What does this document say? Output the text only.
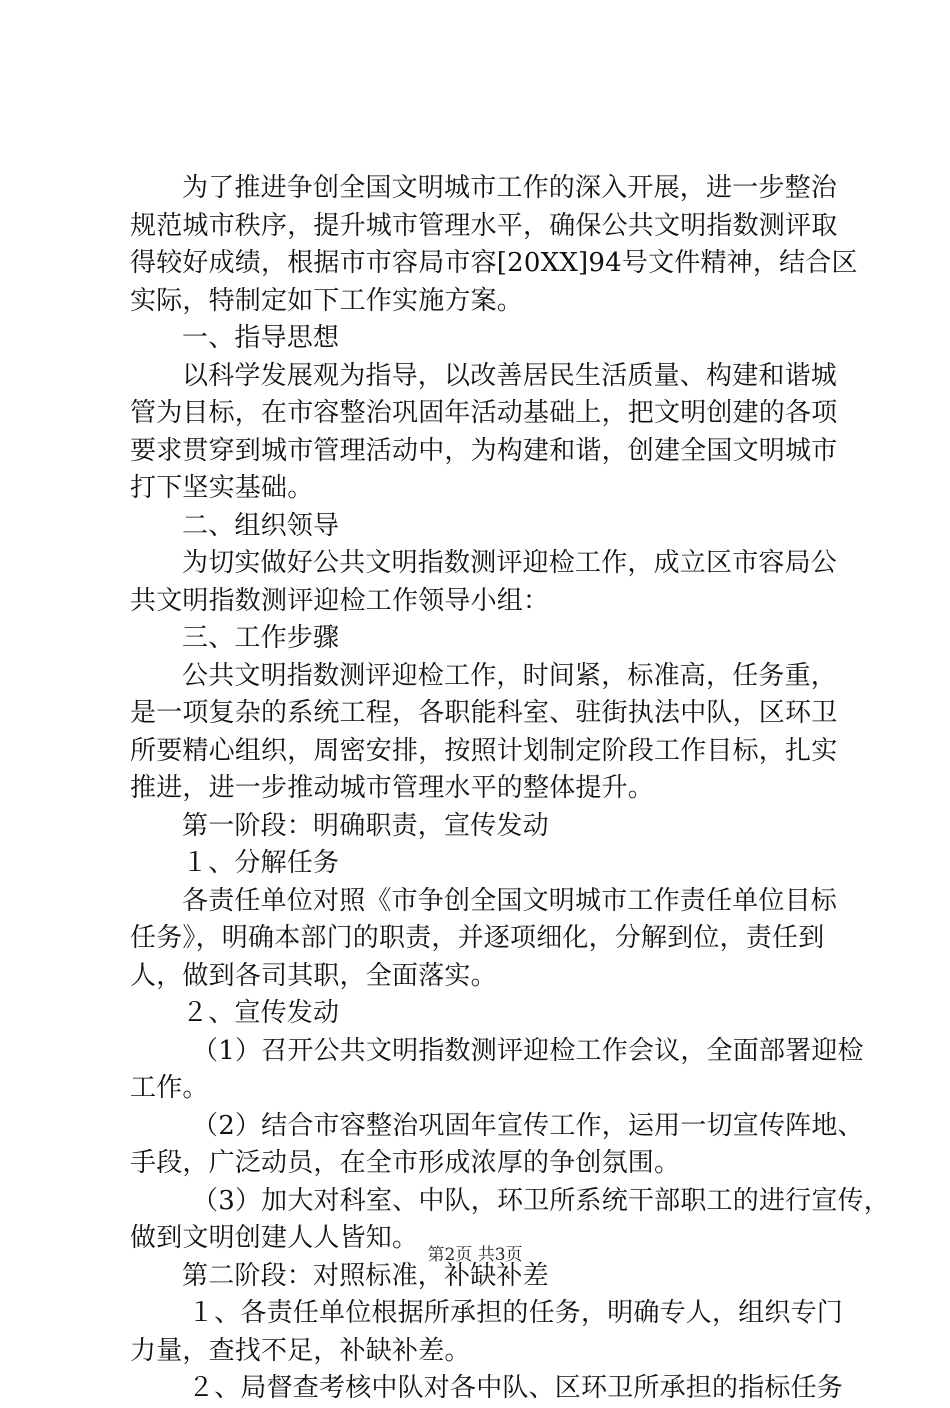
为了推进争创全国文明城市工作的深入开展，进一步整治
规范城市秩序，提升城市管理水平，确保公共文明指数测评取
得较好成绩，根据市市容局市容[20XX]94号文件精神，结合区
实际，特制定如下工作实施方案。
一、指导思想
以科学发展观为指导，以改善居民生活质量、构建和谐城
管为目标，在市容整治巩固年活动基础上，把文明创建的各项
要求贯穿到城市管理活动中，为构建和谐，创建全国文明城市
打下坚实基础。
二、组织领导
为切实做好公共文明指数测评迎检工作，成立区市容局公
共文明指数测评迎检工作领导小组：
三、工作步骤
公共文明指数测评迎检工作，时间紧，标准高，任务重，
是一项复杂的系统工程，各职能科室、驻街执法中队，区环卫
所要精心组织，周密安排，按照计划制定阶段工作目标，扎实
推进，进一步推动城市管理水平的整体提升。
第一阶段：明确职责，宣传发动
１、分解任务
各责任单位对照《市争创全国文明城市工作责任单位目标
任务》，明确本部门的职责，并逐项细化，分解到位，责任到
人，做到各司其职，全面落实。
２、宣传发动
（1）召开公共文明指数测评迎检工作会议，全面部署迎检
工作。
（2）结合市容整治巩固年宣传工作，运用一切宣传阵地、
手段，广泛动员，在全市形成浓厚的争创氛围。
（3）加大对科室、中队，环卫所系统干部职工的进行宣传，
做到文明创建人人皆知。
第二阶段：对照标准，补缺补差
１、各责任单位根据所承担的任务，明确专人，组织专门
力量，查找不足，补缺补差。
２、局督查考核中队对各中队、区环卫所承担的指标任务
第2页 共3页
